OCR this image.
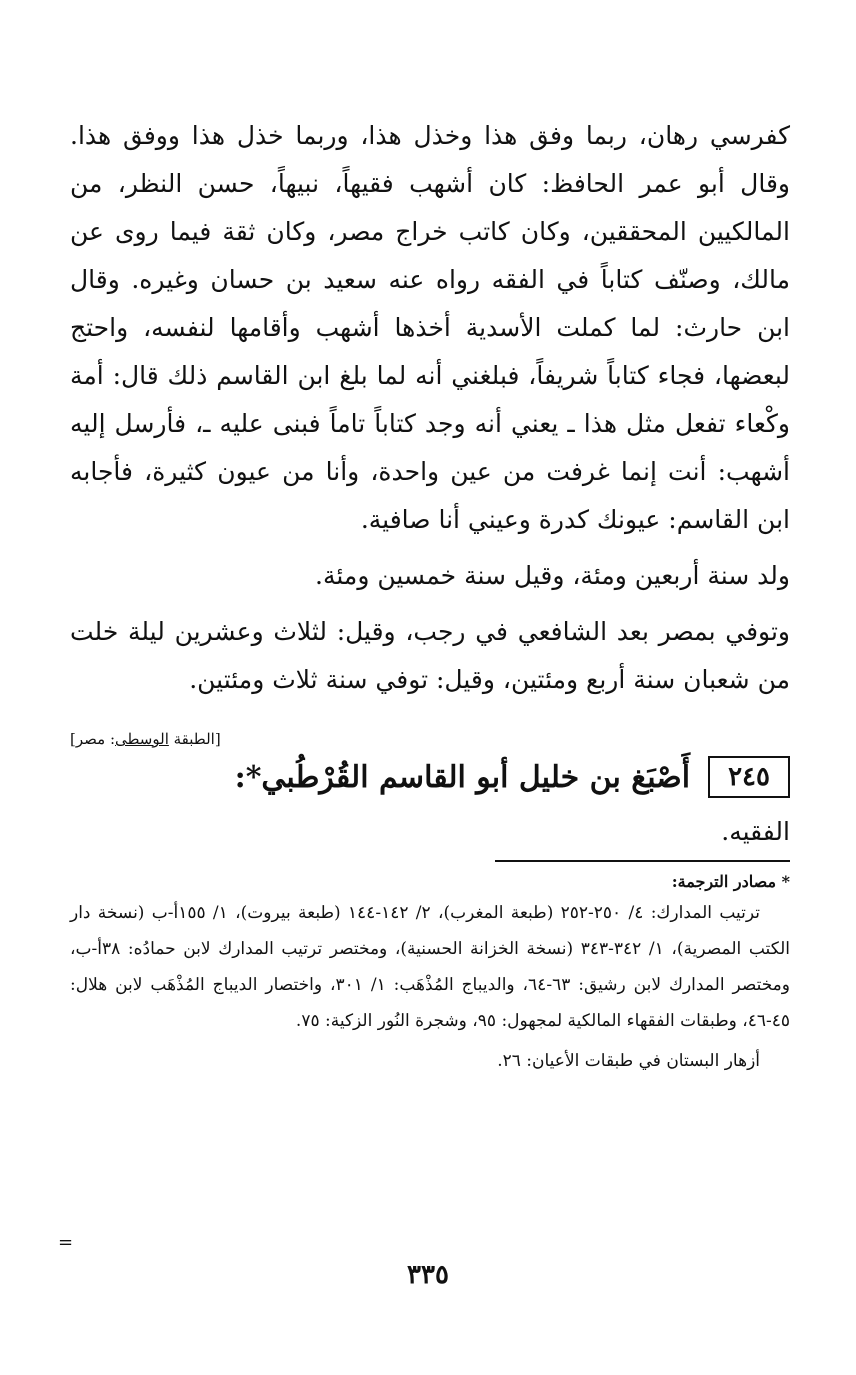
كفرسي رهان، ربما وفق هذا وخذل هذا، وربما خذل هذا ووفق هذا. وقال أبو عمر الحافظ: كان أشهب فقيهاً، نبيهاً، حسن النظر، من المالكيين المحققين، وكان كاتب خراج مصر، وكان ثقة فيما روى عن مالك، وصنّف كتاباً في الفقه رواه عنه سعيد بن حسان وغيره. وقال ابن حارث: لما كملت الأسدية أخذها أشهب وأقامها لنفسه، واحتج لبعضها، فجاء كتاباً شريفاً، فبلغني أنه لما بلغ ابن القاسم ذلك قال: أمة وكْعاء تفعل مثل هذا ـ يعني أنه وجد كتاباً تاماً فبنى عليه ـ، فأرسل إليه أشهب: أنت إنما غرفت من عين واحدة، وأنا من عيون كثيرة، فأجابه ابن القاسم: عيونك كدرة وعيني أنا صافية.

ولد سنة أربعين ومئة، وقيل سنة خمسين ومئة.

وتوفي بمصر بعد الشافعي في رجب، وقيل: لثلاث وعشرين ليلة خلت من شعبان سنة أربع ومئتين، وقيل: توفي سنة ثلاث ومئتين.

[الطبقة الوسطى: مصر]
٢٤٥
أَصْبَغ بن خليل أبو القاسم القُرْطُبي*:

الفقيه.

* مصادر الترجمة:

ترتيب المدارك: ٤/ ٢٥٠-٢٥٢ (طبعة المغرب)، ٢/ ١٤٢-١٤٤ (طبعة بيروت)، ١/ ١٥٥أ-ب (نسخة دار الكتب المصرية)، ١/ ٣٤٢-٣٤٣ (نسخة الخزانة الحسنية)، ومختصر ترتيب المدارك لابن حمادُه: ٣٨أ-ب، ومختصر المدارك لابن رشيق: ٦٣-٦٤، والديباج المُذْهَب: ١/ ٣٠١، واختصار الديباج المُذْهَب لابن هلال: ٤٥-٤٦، وطبقات الفقهاء المالكية لمجهول: ٩٥، وشجرة النُور الزكية: ٧٥.

أزهار البستان في طبقات الأعيان: ٢٦.

=
٣٣٥
